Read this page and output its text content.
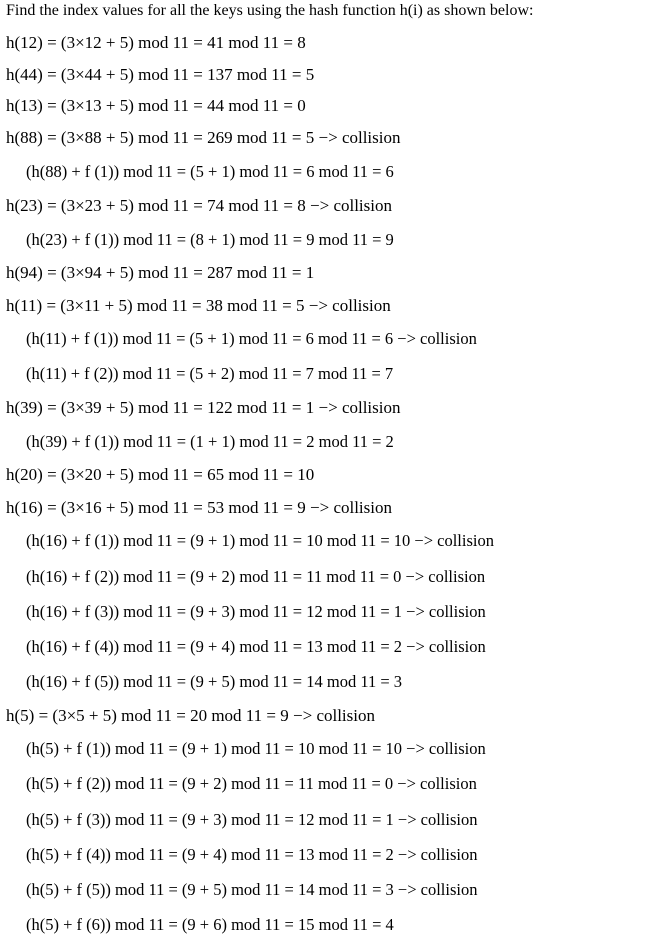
Find the index values for all the keys using the hash function h(i) as shown below:
h(12) = (3×12 + 5) mod 11 = 41 mod 11 = 8
h(44) = (3×44 + 5) mod 11 = 137 mod 11 = 5
h(13) = (3×13 + 5) mod 11 = 44 mod 11 = 0
h(88) = (3×88 + 5) mod 11 = 269 mod 11 = 5 −> collision
(h(88) + f (1)) mod 11 = (5 + 1) mod 11 = 6 mod 11 = 6
h(23) = (3×23 + 5) mod 11 = 74 mod 11 = 8 −> collision
(h(23) + f (1)) mod 11 = (8 + 1) mod 11 = 9 mod 11 = 9
h(94) = (3×94 + 5) mod 11 = 287 mod 11 = 1
h(11) = (3×11 + 5) mod 11 = 38 mod 11 = 5 −> collision
(h(11) + f (1)) mod 11 = (5 + 1) mod 11 = 6 mod 11 = 6 −> collision
(h(11) + f (2)) mod 11 = (5 + 2) mod 11 = 7 mod 11 = 7
h(39) = (3×39 + 5) mod 11 = 122 mod 11 = 1 −> collision
(h(39) + f (1)) mod 11 = (1 + 1) mod 11 = 2 mod 11 = 2
h(20) = (3×20 + 5) mod 11 = 65 mod 11 = 10
h(16) = (3×16 + 5) mod 11 = 53 mod 11 = 9 −> collision
(h(16) + f (1)) mod 11 = (9 + 1) mod 11 = 10 mod 11 = 10 −> collision
(h(16) + f (2)) mod 11 = (9 + 2) mod 11 = 11 mod 11 = 0 −> collision
(h(16) + f (3)) mod 11 = (9 + 3) mod 11 = 12 mod 11 = 1 −> collision
(h(16) + f (4)) mod 11 = (9 + 4) mod 11 = 13 mod 11 = 2 −> collision
(h(16) + f (5)) mod 11 = (9 + 5) mod 11 = 14 mod 11 = 3
h(5) = (3×5 + 5) mod 11 = 20 mod 11 = 9 −> collision
(h(5) + f (1)) mod 11 = (9 + 1) mod 11 = 10 mod 11 = 10 −> collision
(h(5) + f (2)) mod 11 = (9 + 2) mod 11 = 11 mod 11 = 0 −> collision
(h(5) + f (3)) mod 11 = (9 + 3) mod 11 = 12 mod 11 = 1 −> collision
(h(5) + f (4)) mod 11 = (9 + 4) mod 11 = 13 mod 11 = 2 −> collision
(h(5) + f (5)) mod 11 = (9 + 5) mod 11 = 14 mod 11 = 3 −> collision
(h(5) + f (6)) mod 11 = (9 + 6) mod 11 = 15 mod 11 = 4
